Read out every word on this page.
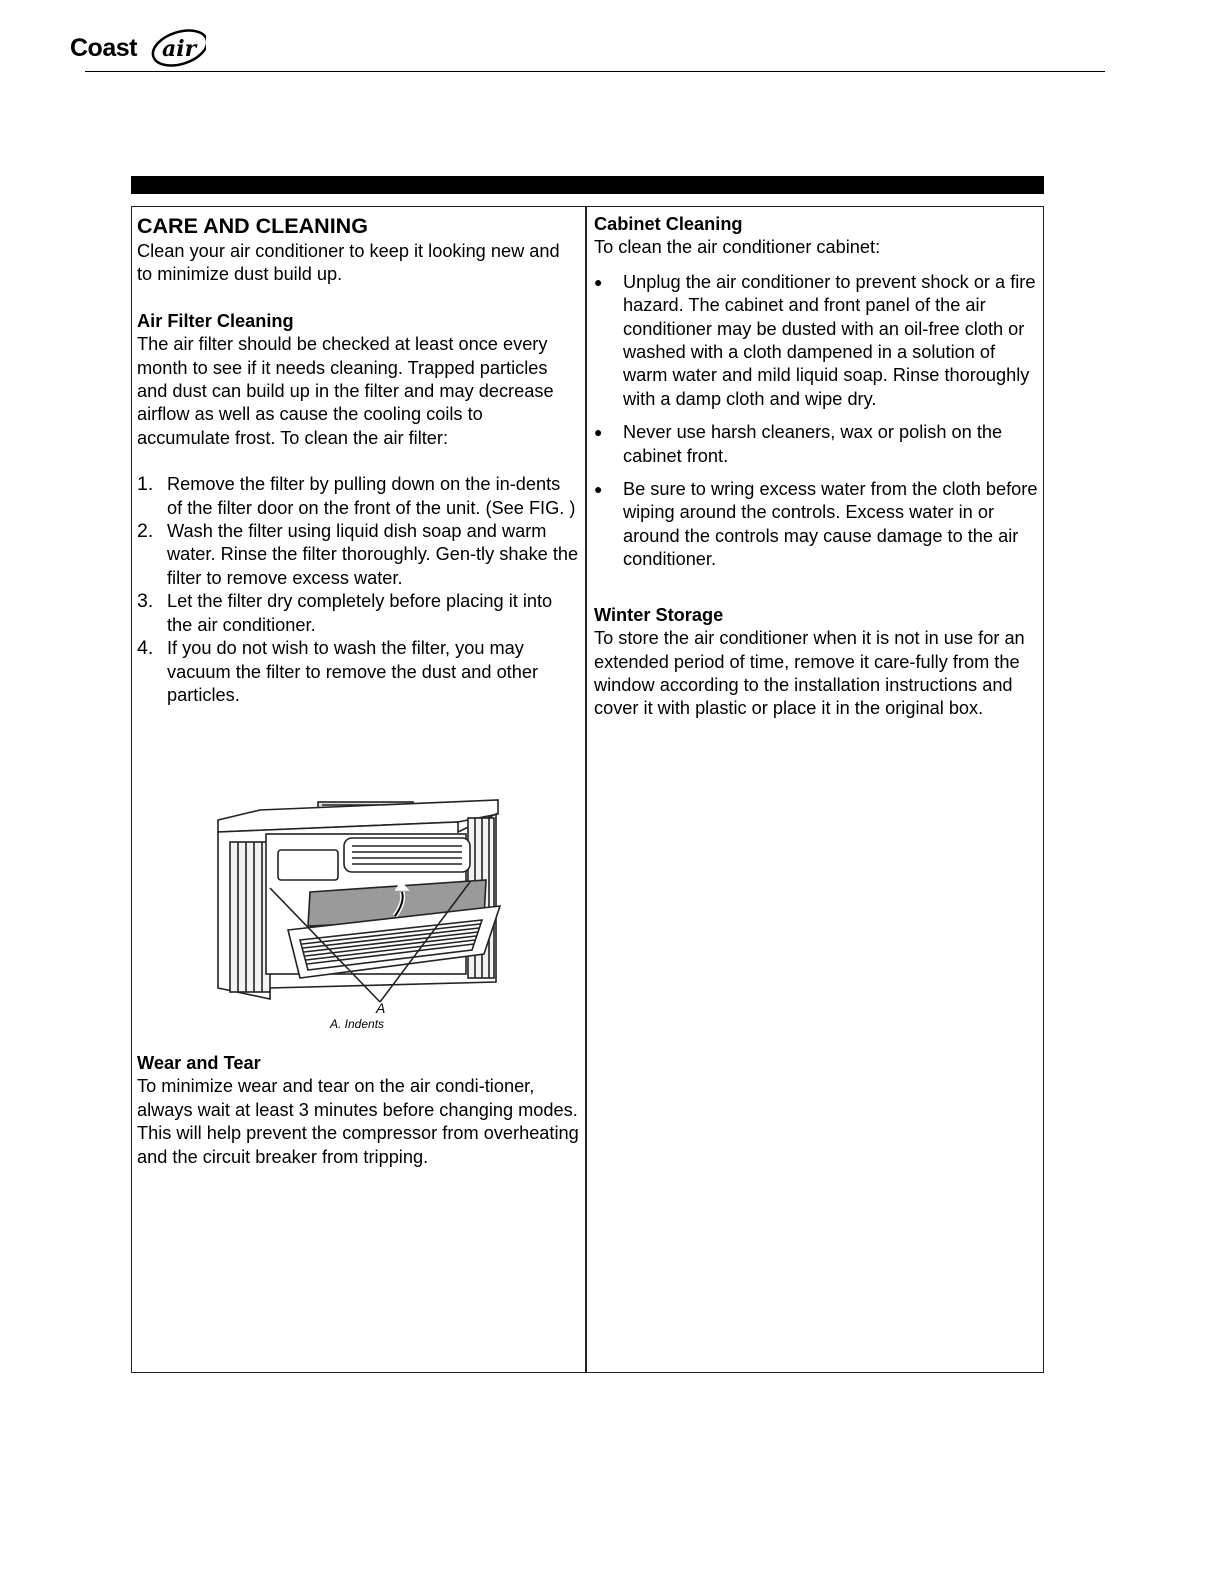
Coast air
CARE AND CLEANING

Clean your air conditioner to keep it looking new and to minimize dust build up.

Air Filter Cleaning

The air filter should be checked at least once every month to see if it needs cleaning. Trapped particles and dust can build up in the filter and may decrease airflow as well as cause the cooling coils to accumulate frost. To clean the air filter:

1. Remove the filter by pulling down on the in-dents of the filter door on the front of the unit. (See FIG. )
2. Wash the filter using liquid dish soap and warm water. Rinse the filter thoroughly. Gen-tly shake the filter to remove excess water.
3. Let the filter dry completely before placing it into the air conditioner.
4. If you do not wish to wash the filter, you may vacuum the filter to remove the dust and other particles.
A
A. Indents

Wear and Tear

To minimize wear and tear on the air condi-tioner, always wait at least 3 minutes before changing modes. This will help prevent the compressor from overheating and the circuit breaker from tripping.

Cabinet Cleaning

To clean the air conditioner cabinet:

● Unplug the air conditioner to prevent shock or a fire hazard. The cabinet and front panel of the air conditioner may be dusted with an oil-free cloth or washed with a cloth dampened in a solution of warm water and mild liquid soap. Rinse thoroughly with a damp cloth and wipe dry.
● Never use harsh cleaners, wax or polish on the cabinet front.
● Be sure to wring excess water from the cloth before wiping around the controls. Excess water in or around the controls may cause damage to the air conditioner.

Winter Storage

To store the air conditioner when it is not in use for an extended period of time, remove it care-fully from the window according to the installation instructions and cover it with plastic or place it in the original box.
